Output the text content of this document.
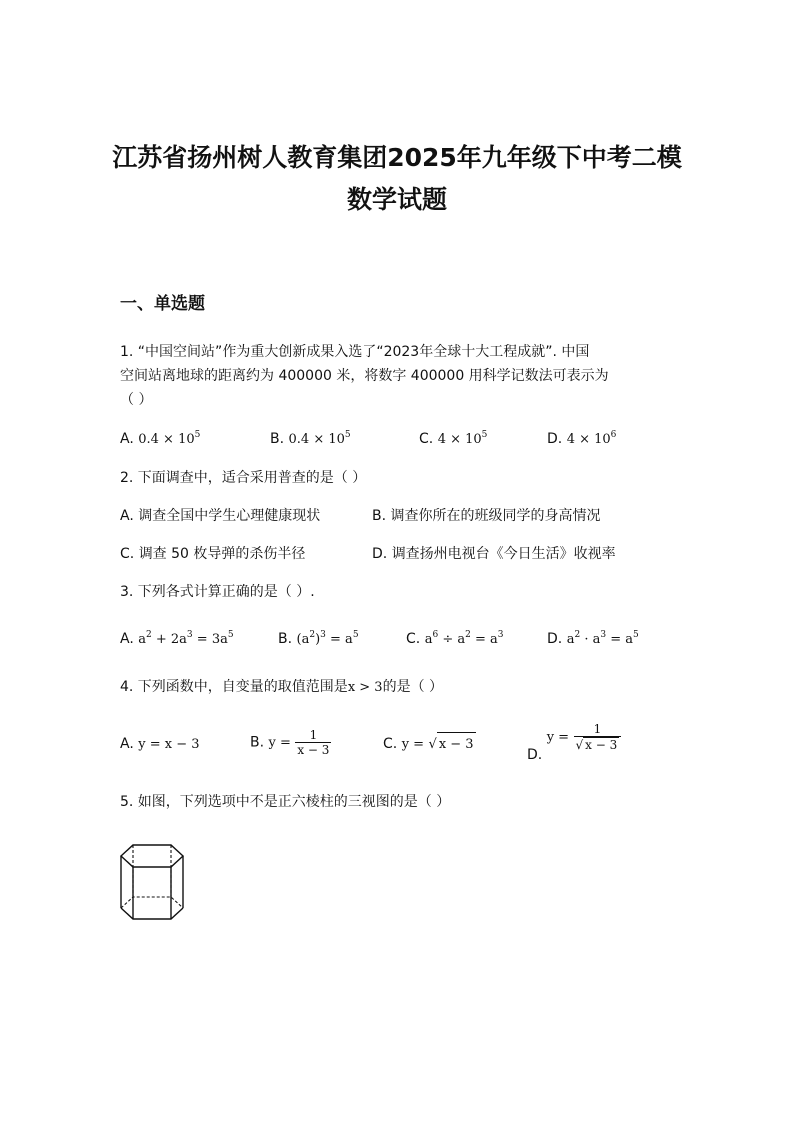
江苏省扬州树人教育集团2025年九年级下中考二模
数学试题
一、单选题
1. “中国空间站”作为重大创新成果入选了“2023年全球十大工程成就”. 中国
空间站离地球的距离约为 400000 米，将数字 400000 用科学记数法可表示为
（ ）
A. $0.4 \times 10^5$	B. $0.4 \times 10^5$	C. $4 \times 10^5$	D. $4 \times 10^6$
2. 下面调查中，适合采用普查的是（ ）
A. 调查全国中学生心理健康现状	B. 调查你所在的班级同学的身高情况
C. 调查 50 枚导弹的杀伤半径	D. 调查扬州电视台《今日生活》收视率
3. 下列各式计算正确的是（ ）.
A. $a^2 + 2a^3 = 3a^5$	B. $(a^2)^3 = a^5$	C. $a^6 \div a^2 = a^3$	D. $a^2 \cdot a^3 = a^5$
4. 下列函数中，自变量的取值范围是x > 3的是（ ）
A. y = x − 3	B. $y = \frac{1}{x - 3}$	C. y = √ x − 3
D. $y = \frac{1}{√ x - 3}$
5. 如图，下列选项中不是正六棱柱的三视图的是（ ）
